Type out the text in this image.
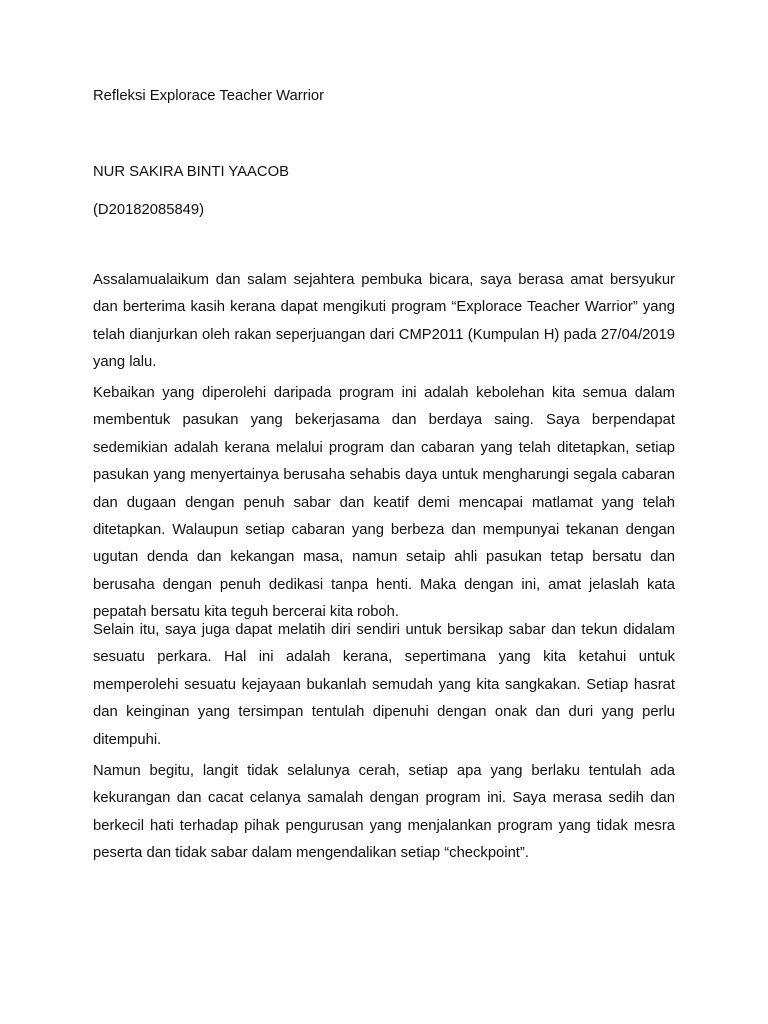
Refleksi Explorace Teacher Warrior

NUR SAKIRA BINTI YAACOB

(D20182085849)

Assalamualaikum dan salam sejahtera pembuka bicara, saya berasa amat bersyukur dan berterima kasih kerana dapat mengikuti program “Explorace Teacher Warrior” yang telah dianjurkan oleh rakan seperjuangan dari CMP2011 (Kumpulan H) pada 27/04/2019 yang lalu.

Kebaikan yang diperolehi daripada program ini adalah kebolehan kita semua dalam membentuk pasukan yang bekerjasama dan berdaya saing. Saya berpendapat sedemikian adalah kerana melalui program dan cabaran yang telah ditetapkan, setiap pasukan yang menyertainya berusaha sehabis daya untuk mengharungi segala cabaran dan dugaan dengan penuh sabar dan keatif demi mencapai matlamat yang telah ditetapkan. Walaupun setiap cabaran yang berbeza dan mempunyai tekanan dengan ugutan denda dan kekangan masa, namun setaip ahli pasukan tetap bersatu dan berusaha dengan penuh dedikasi tanpa henti. Maka dengan ini, amat jelaslah kata pepatah bersatu kita teguh bercerai kita roboh.

Selain itu, saya juga dapat melatih diri sendiri untuk bersikap sabar dan tekun didalam sesuatu perkara. Hal ini adalah kerana, sepertimana yang kita ketahui untuk memperolehi sesuatu kejayaan bukanlah semudah yang kita sangkakan. Setiap hasrat dan keinginan yang tersimpan tentulah dipenuhi dengan onak dan duri yang perlu ditempuhi.

Namun begitu, langit tidak selalunya cerah, setiap apa yang berlaku tentulah ada kekurangan dan cacat celanya samalah dengan program ini. Saya merasa sedih dan berkecil hati terhadap pihak pengurusan yang menjalankan program yang tidak mesra peserta dan tidak sabar dalam mengendalikan setiap “checkpoint”.
